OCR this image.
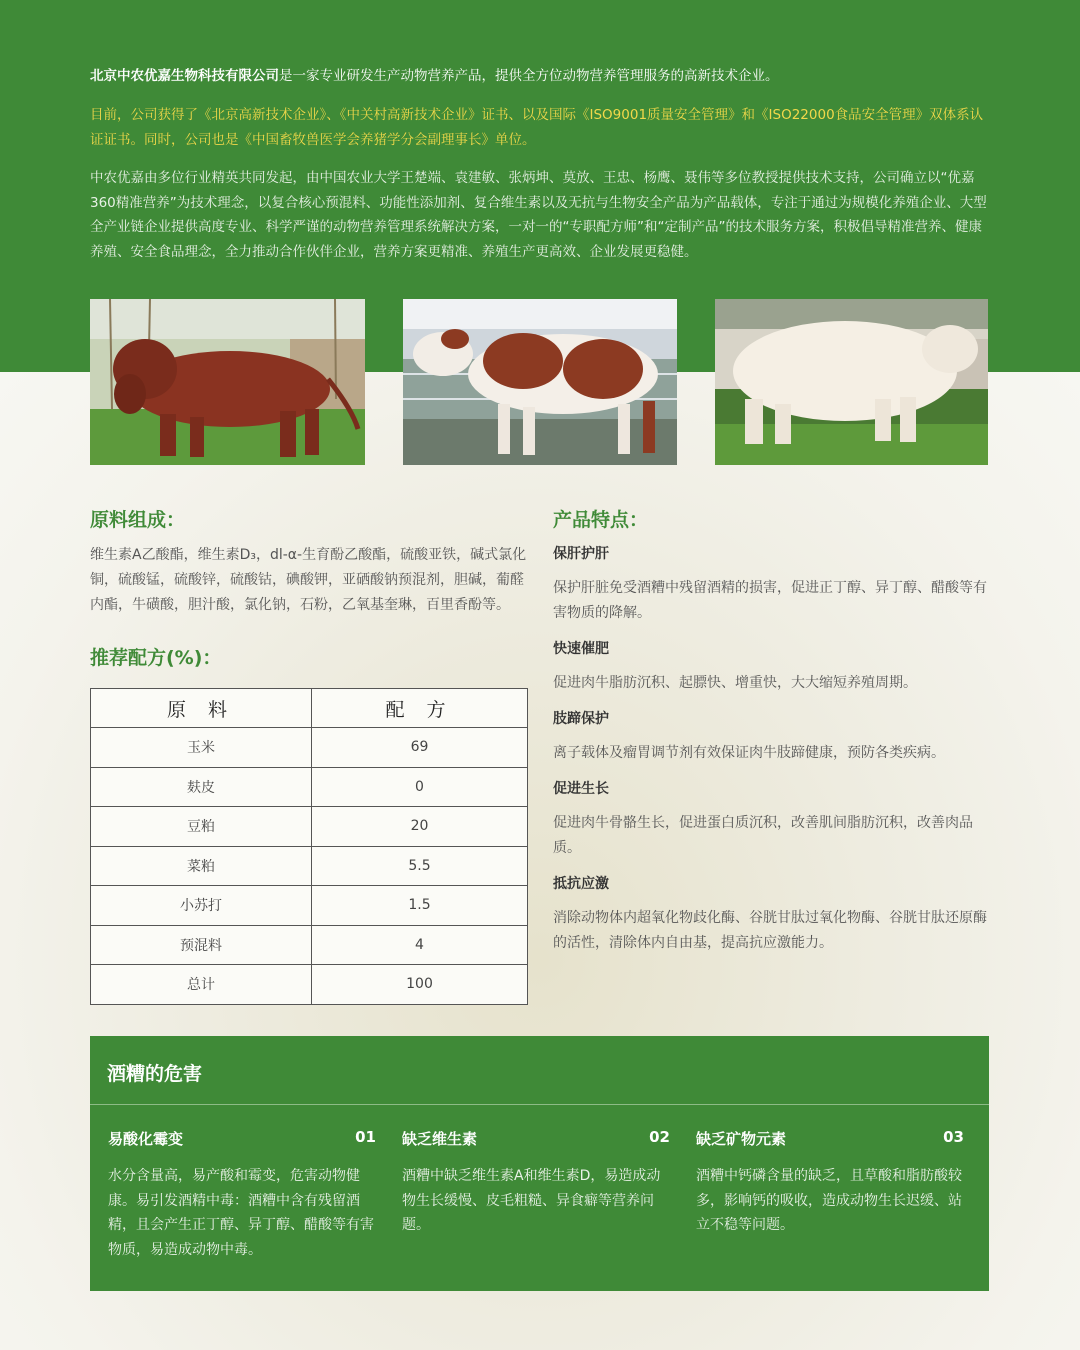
北京中农优嘉生物科技有限公司是一家专业研发生产动物营养产品，提供全方位动物营养管理服务的高新技术企业。
目前，公司获得了《北京高新技术企业》、《中关村高新技术企业》证书、以及国际《ISO9001质量安全管理》和《ISO22000食品安全管理》双体系认证证书。同时，公司也是《中国畜牧兽医学会养猪学分会副理事长》单位。
中农优嘉由多位行业精英共同发起，由中国农业大学王楚端、袁建敏、张炳坤、莫放、王忠、杨鹰、聂伟等多位教授提供技术支持，公司确立以“优嘉360精准营养”为技术理念，以复合核心预混料、功能性添加剂、复合维生素以及无抗与生物安全产品为产品载体，专注于通过为规模化养殖企业、大型全产业链企业提供高度专业、科学严谨的动物营养管理系统解决方案，一对一的“专职配方师”和“定制产品”的技术服务方案，积极倡导精准营养、健康养殖、安全食品理念，全力推动合作伙伴企业，营养方案更精准、养殖生产更高效、企业发展更稳健。
原料组成：
维生素A乙酸酯，维生素D₃，dl-α-生育酚乙酸酯，硫酸亚铁，碱式氯化铜，硫酸锰，硫酸锌，硫酸钴，碘酸钾，亚硒酸钠预混剂，胆碱，葡醛内酯，牛磺酸，胆汁酸，氯化钠，石粉，乙氧基奎琳，百里香酚等。
推荐配方(%)：
原 料	配 方
玉米	69
麸皮	0
豆粕	20
菜粕	5.5
小苏打	1.5
预混料	4
总计	100
产品特点：
保肝护肝
保护肝脏免受酒糟中残留酒精的损害，促进正丁醇、异丁醇、醋酸等有害物质的降解。
快速催肥
促进肉牛脂肪沉积、起膘快、增重快，大大缩短养殖周期。
肢蹄保护
离子载体及瘤胃调节剂有效保证肉牛肢蹄健康，预防各类疾病。
促进生长
促进肉牛骨骼生长，促进蛋白质沉积，改善肌间脂肪沉积，改善肉品质。
抵抗应激
消除动物体内超氧化物歧化酶、谷胱甘肽过氧化物酶、谷胱甘肽还原酶的活性，清除体内自由基，提高抗应激能力。
酒糟的危害
易酸化霉变	01
水分含量高，易产酸和霉变，危害动物健康。易引发酒精中毒：酒糟中含有残留酒精，且会产生正丁醇、异丁醇、醋酸等有害物质，易造成动物中毒。
缺乏维生素	02
酒糟中缺乏维生素A和维生素D，易造成动物生长缓慢、皮毛粗糙、异食癖等营养问题。
缺乏矿物元素	03
酒糟中钙磷含量的缺乏，且草酸和脂肪酸较多，影响钙的吸收，造成动物生长迟缓、站立不稳等问题。
